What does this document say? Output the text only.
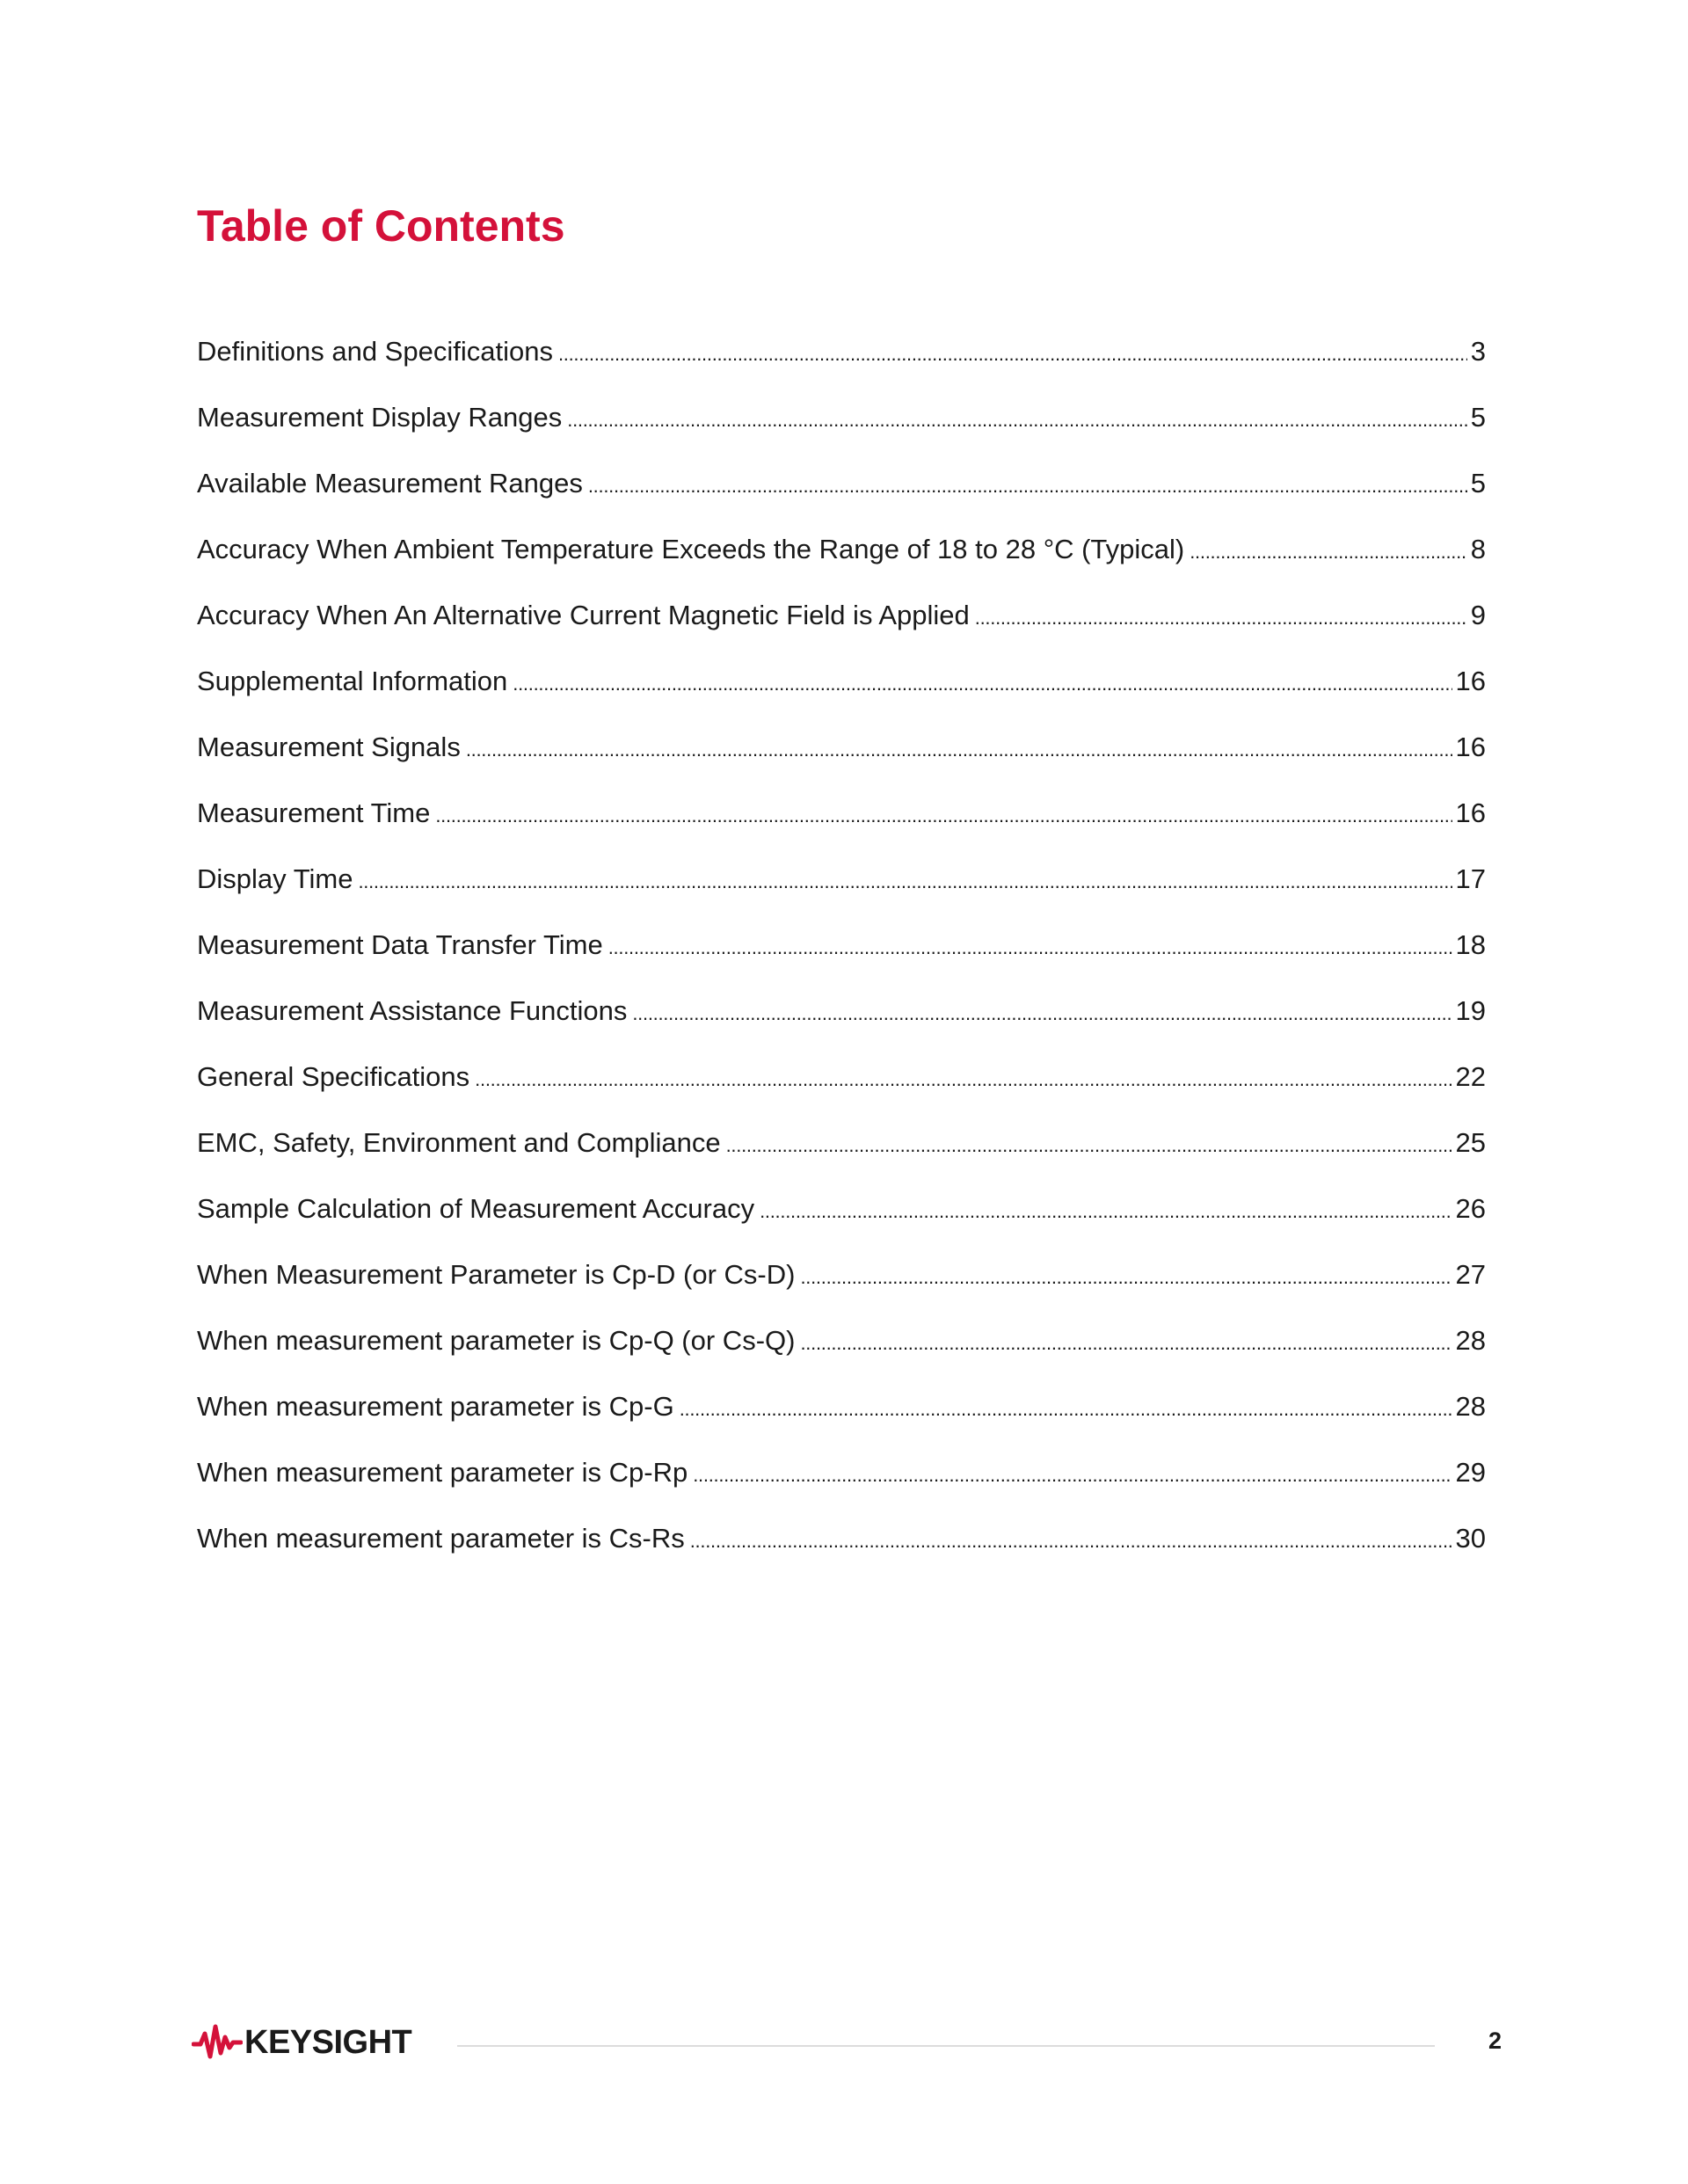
Table of Contents
Definitions and Specifications . . .	3
Measurement Display Ranges . . .	5
Available Measurement Ranges . . .	5
Accuracy When Ambient Temperature Exceeds the Range of 18 to 28 °C (Typical) . . .	8
Accuracy When An Alternative Current Magnetic Field is Applied . . .	9
Supplemental Information . . .	16
Measurement Signals . . .	16
Measurement Time . . .	16
Display Time . . .	17
Measurement Data Transfer Time . . .	18
Measurement Assistance Functions . . .	19
General Specifications . . .	22
EMC, Safety, Environment and Compliance . . .	25
Sample Calculation of Measurement Accuracy . . .	26
When Measurement Parameter is Cp-D (or Cs-D) . . .	27
When measurement parameter is Cp-Q (or Cs-Q) . . .	28
When measurement parameter is Cp-G . . .	28
When measurement parameter is Cp-Rp . . .	29
When measurement parameter is Cs-Rs . . .	30
KEYSIGHT	2
